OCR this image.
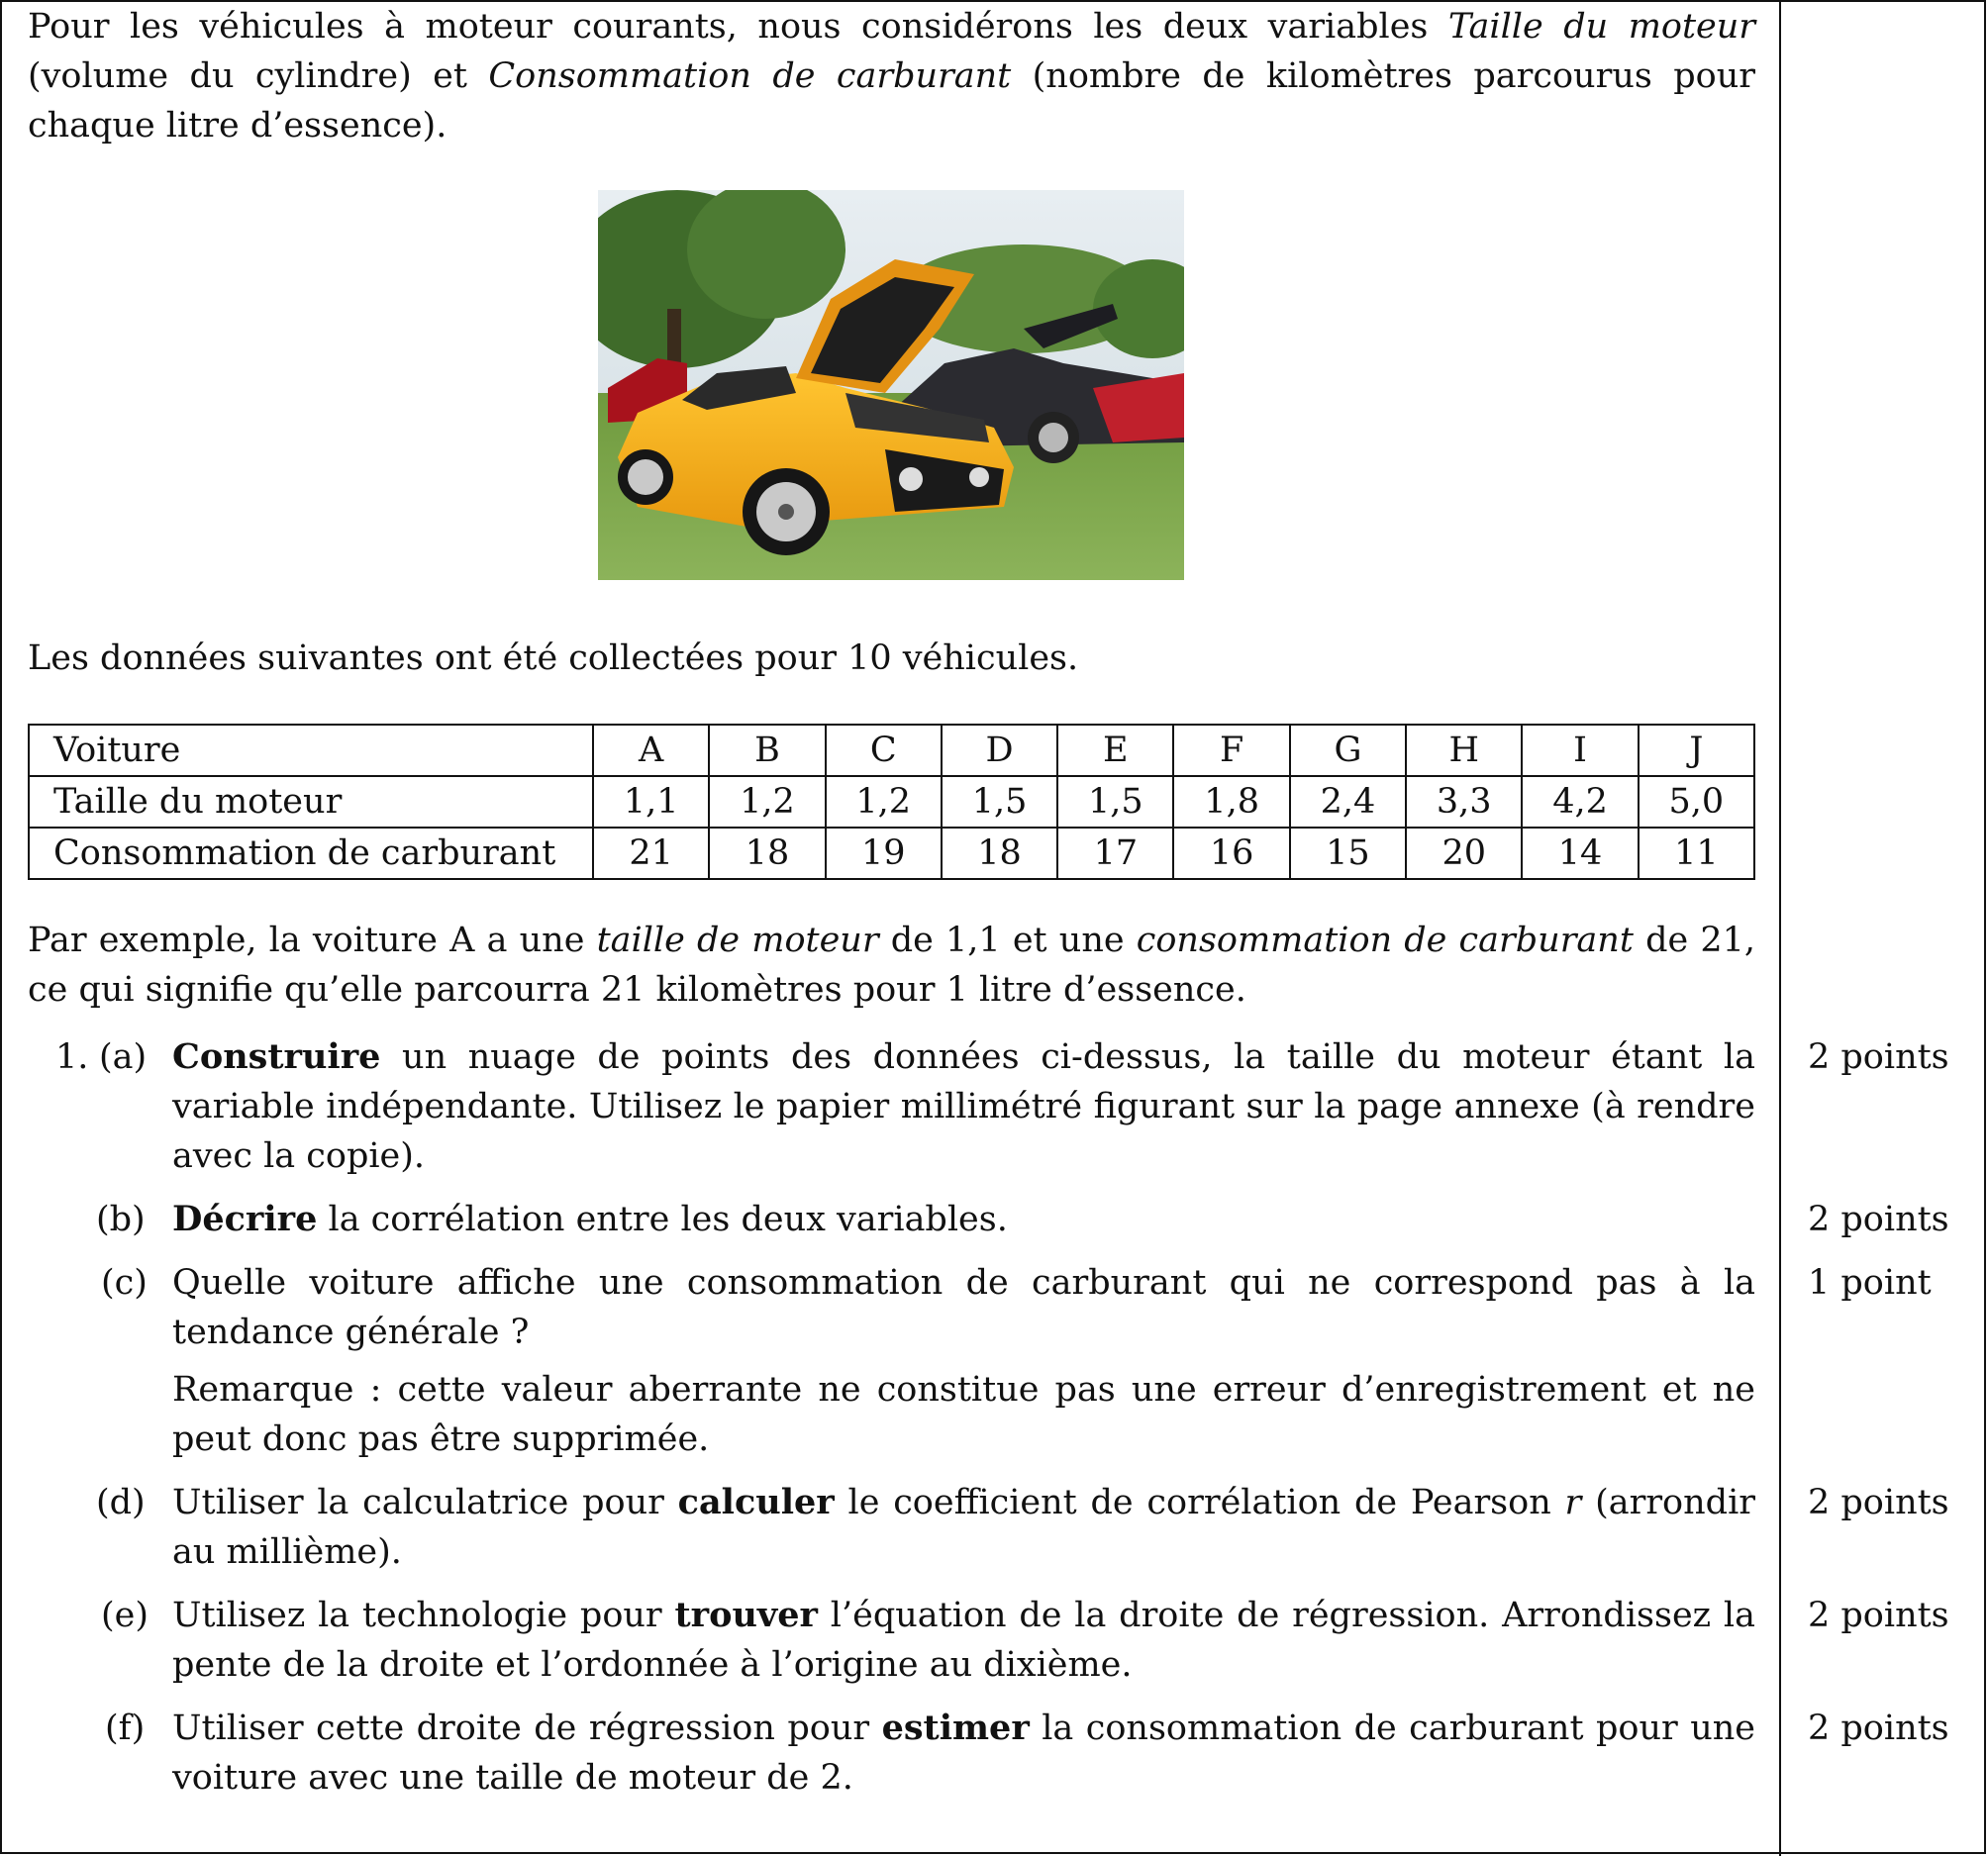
Pour les véhicules à moteur courants, nous considérons les deux variables Taille du moteur (volume du cylindre) et Consommation de carburant (nombre de kilomètres parcourus pour chaque litre d’essence).

Les données suivantes ont été collectées pour 10 véhicules.

Voiture	A	B	C	D	E	F	G	H	I	J
Taille du moteur	1,1	1,2	1,2	1,5	1,5	1,8	2,4	3,3	4,2	5,0
Consommation de carburant	21	18	19	18	17	16	15	20	14	11

Par exemple, la voiture A a une taille de moteur de 1,1 et une consommation de carburant de 21, ce qui signifie qu’elle parcourra 21 kilomètres pour 1 litre d’essence.

1. (a) Construire un nuage de points des données ci-dessus, la taille du moteur étant la variable indépendante. Utilisez le papier millimétré figurant sur la page annexe (à rendre avec la copie).
2 points
(b) Décrire la corrélation entre les deux variables.	2 points
(c) Quelle voiture affiche une consommation de carburant qui ne correspond pas à la tendance générale ?
Remarque : cette valeur aberrante ne constitue pas une erreur d’enregistrement et ne peut donc pas être supprimée.
1 point
(d) Utiliser la calculatrice pour calculer le coefficient de corrélation de Pearson r (arrondir au millième).
2 points
(e) Utilisez la technologie pour trouver l’équation de la droite de régression. Arrondissez la pente de la droite et l’ordonnée à l’origine au dixième.
2 points
(f) Utiliser cette droite de régression pour estimer la consommation de carburant pour une voiture avec une taille de moteur de 2.
2 points
